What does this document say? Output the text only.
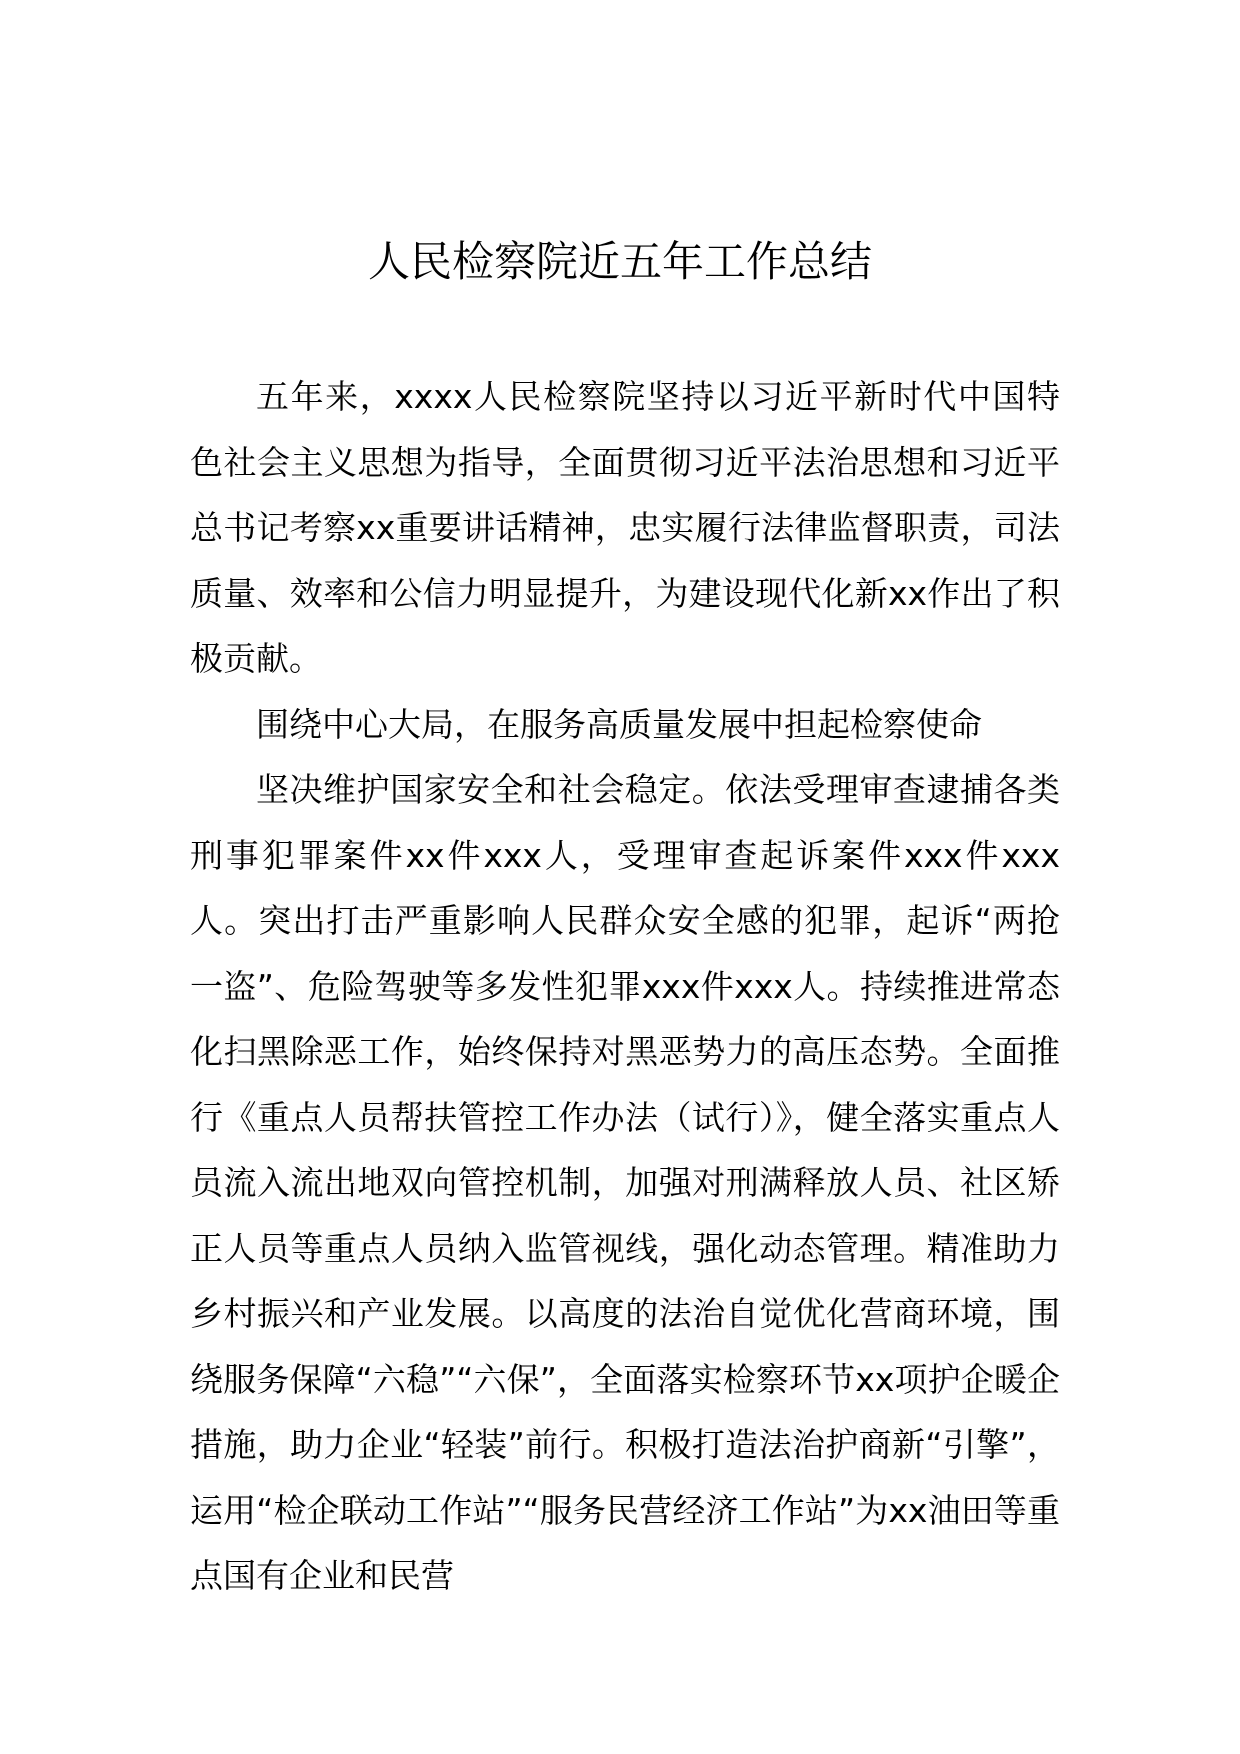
人民检察院近五年工作总结

五年来，xxxx人民检察院坚持以习近平新时代中国特色社会主义思想为指导，全面贯彻习近平法治思想和习近平总书记考察xx重要讲话精神，忠实履行法律监督职责，司法质量、效率和公信力明显提升，为建设现代化新xx作出了积极贡献。

围绕中心大局，在服务高质量发展中担起检察使命

坚决维护国家安全和社会稳定。依法受理审查逮捕各类刑事犯罪案件xx件xxx人，受理审查起诉案件xxx件xxx人。突出打击严重影响人民群众安全感的犯罪，起诉“两抢一盗”、危险驾驶等多发性犯罪xxx件xxx人。持续推进常态化扫黑除恶工作，始终保持对黑恶势力的高压态势。全面推行《重点人员帮扶管控工作办法（试行）》，健全落实重点人员流入流出地双向管控机制，加强对刑满释放人员、社区矫正人员等重点人员纳入监管视线，强化动态管理。精准助力乡村振兴和产业发展。以高度的法治自觉优化营商环境，围绕服务保障“六稳”“六保”，全面落实检察环节xx项护企暖企措施，助力企业“轻装”前行。积极打造法治护商新“引擎”，运用“检企联动工作站”“服务民营经济工作站”为xx油田等重点国有企业和民营
